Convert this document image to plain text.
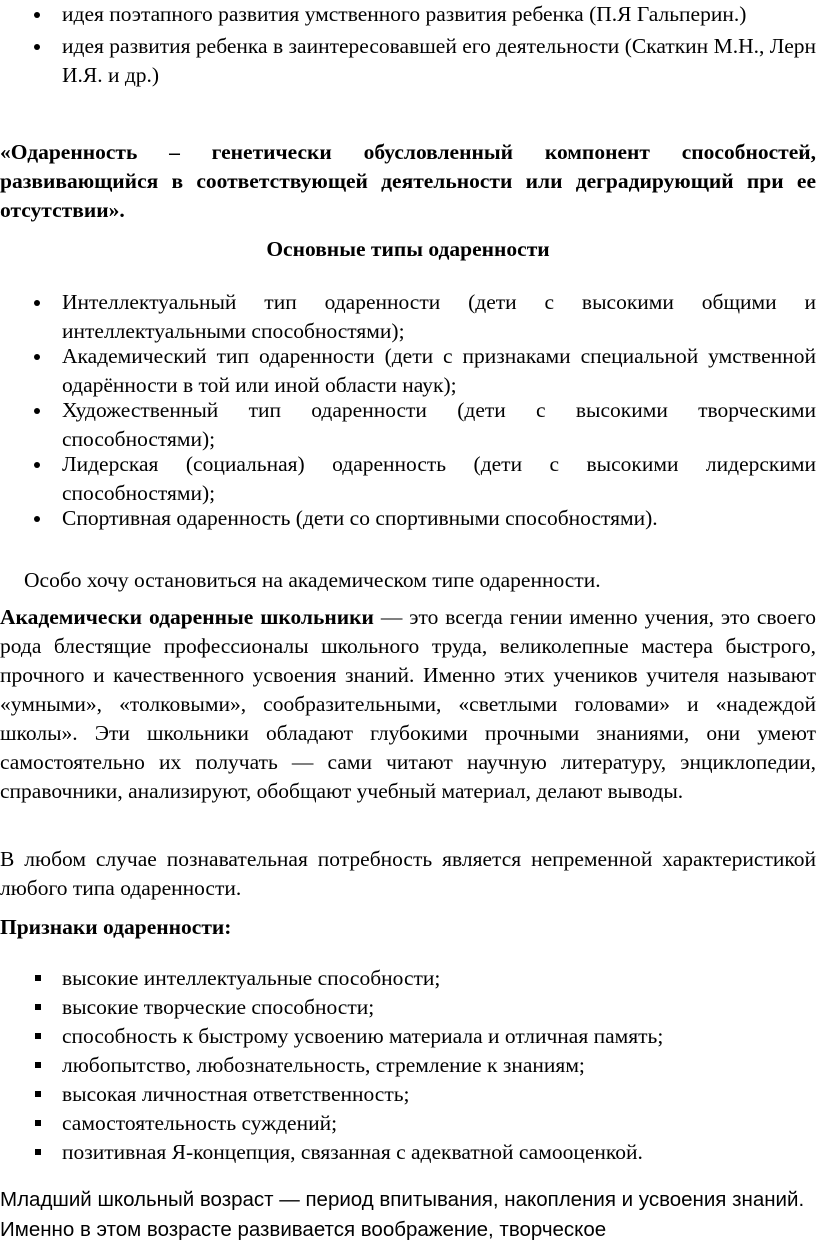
идея поэтапного развития умственного развития ребенка (П.Я Гальперин.)
идея развития ребенка в заинтересовавшей его деятельности (Скаткин М.Н., Лерн И.Я. и др.)

«Одаренность – генетически обусловленный компонент способностей, развивающийся в соответствующей деятельности или деградирующий при ее отсутствии».

Основные типы одаренности

Интеллектуальный тип одаренности (дети с высокими общими и интеллектуальными способностями);
Академический тип одаренности (дети с признаками специальной умственной одарённости в той или иной области наук);
Художественный тип одаренности (дети с высокими творческими способностями);
Лидерская (социальная) одаренность (дети с высокими лидерскими способностями);
Спортивная одаренность (дети со спортивными способностями).

Особо хочу остановиться на академическом типе одаренности.

Академически одаренные школьники — это всегда гении именно учения, это своего рода блестящие профессионалы школьного труда, великолепные мастера быстрого, прочного и качественного усвоения знаний. Именно этих учеников учителя называют «умными», «толковыми», сообразительными, «светлыми головами» и «надеждой школы». Эти школьники обладают глубокими прочными знаниями, они умеют самостоятельно их получать — сами читают научную литературу, энциклопедии, справочники, анализируют, обобщают учебный материал, делают выводы.

В любом случае познавательная потребность является непременной характеристикой любого типа одаренности.

Признаки одаренности:

высокие интеллектуальные способности;
высокие творческие способности;
способность к быстрому усвоению материала и отличная память;
любопытство, любознательность, стремление к знаниям;
высокая личностная ответственность;
самостоятельность суждений;
позитивная Я-концепция, связанная с адекватной самооценкой.

Младший школьный возраст — период впитывания, накопления и усвоения знаний. Именно в этом возрасте развивается воображение, творческое
